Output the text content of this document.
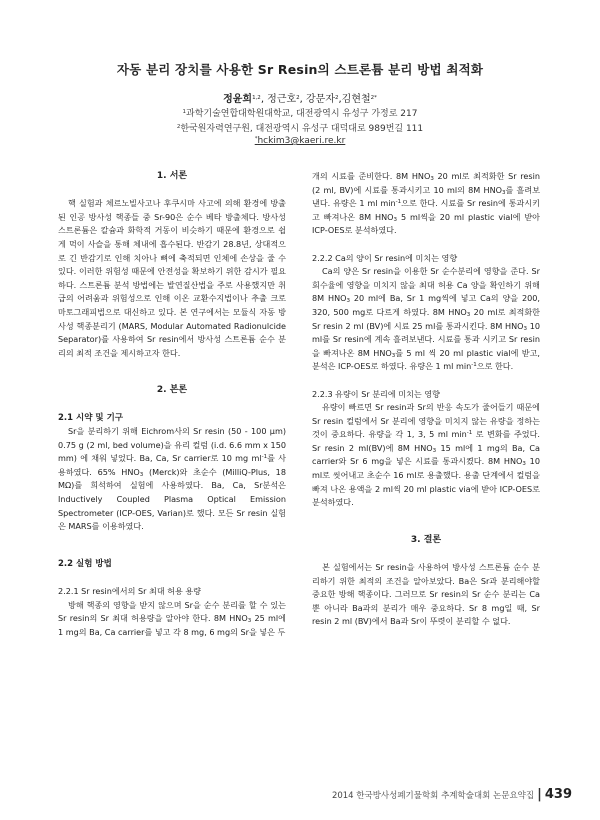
자동 분리 장치를 사용한 Sr Resin의 스트론튬 분리 방법 최적화
정윤희$^{1,2}$, 정근호$^2$, 강문자$^2$,김현철$^{2*}$
$^1$과학기술연합대학원대학교, 대전광역시 유성구 가정로 217
$^2$한국원자력연구원, 대전광역시 유성구 대덕대로 989번길 111
*hckim3@kaeri.re.kr
1. 서론

핵 실험과 체르노빌사고나 후쿠시마 사고에 의해 환경에 방출된 인공 방사성 핵종들 중 Sr-90은 순수 베타 방출체다. 방사성 스트론튬은 칼슘과 화학적 거동이 비슷하기 때문에 환경으로 쉽게 먹이 사슬을 통해 체내에 흡수된다. 반감기 28.8년, 상대적으로 긴 반감기로 인해 치아나 뼈에 축적되면 인체에 손상을 줄 수 있다. 이러한 위험성 때문에 안전성을 확보하기 위한 감시가 필요하다. 스트론튬 분석 방법에는 발연질산법을 주로 사용했지만 취급의 어려움과 위험성으로 인해 이온 교환수지법이나 추출 크로마토그래피법으로 대신하고 있다. 본 연구에서는 모듈식 자동 방사성 핵종분리기 (MARS, Modular Automated Radionulcide Separator)를 사용하여 Sr resin에서 방사성 스트론튬 순수 분리의 최적 조건을 제시하고자 한다.

2. 본론
2.1 시약 및 기구

Sr을 분리하기 위해 Eichrom사의 Sr resin (50 - 100 μm) 0.75 g (2 ml, bed volume)을 유리 컬럼 (i.d. 6.6 mm x 150 mm) 에 채워 넣었다. Ba, Ca, Sr carrier로 10 mg $ml^{-1}$를 사용하였다. 65% $HNO_3$ (Merck)와 초순수 (MilliQ-Plus, 18 MΩ)를 희석하여 실험에 사용하였다. Ba, Ca, Sr분석은 Inductively Coupled Plasma Optical Emission Spectrometer (ICP-OES, Varian)로 했다. 모든 Sr resin 실험은 MARS를 이용하였다.

2.2 실험 방법
2.2.1 Sr resin에서의 Sr 최대 허용 용량

방해 핵종의 영향을 받지 않으며 Sr을 순수 분리를 할 수 있는 Sr resin의 Sr 최대 허용량을 알아야 한다. 8M $HNO_3$ 25 ml에 1 mg의 Ba, Ca carrier를 넣고 각 8 mg, 6 mg의 Sr을 넣은 두

개의 시료를 준비한다. 8M $HNO_3$ 20 ml로 최적화한 Sr resin (2 ml, BV)에 시료를 통과시키고 10 ml의 8M $HNO_3$를 흘려보낸다. 유량은 1 ml $\min^{-1}$으로 한다. 시료를 Sr resin에 통과시키고 빠져나온 8M $HNO_3$ 5 ml씩을 20 ml plastic vial에 받아 ICP-OES로 분석하였다.

2.2.2 Ca의 양이 Sr resin에 미치는 영향

Ca의 양은 Sr resin을 이용한 Sr 순수분리에 영향을 준다. Sr 회수율에 영향을 미치지 않을 최대 허용 Ca 양을 확인하기 위해 8M $HNO_3$ 20 ml에 Ba, Sr 1 mg씩에 넣고 Ca의 양을 200, 320, 500 mg로 다르게 하였다. 8M $HNO_3$ 20 ml로 최적화한 Sr resin 2 ml (BV)에 시료 25 ml를 통과시킨다. 8M $HNO_3$ 10 ml를 Sr resin에 계속 흘려보낸다. 시료를 통과 시키고 Sr resin 을 빠져나온 8M $HNO_3$를 5 ml 씩 20 ml plastic vial에 받고, 분석은 ICP-OES로 하였다. 유량은 1 ml $\min^{-1}$으로 한다.

2.2.3 유량이 Sr 분리에 미치는 영향

유량이 빠르면 Sr resin과 Sr의 반응 속도가 줄어들기 때문에 Sr resin 컬럼에서 Sr 분리에 영향을 미치지 않는 유량을 정하는 것이 중요하다. 유량을 각 1, 3, 5 ml $\min^{-1}$ 로 변화를 주었다. Sr resin 2 ml(BV)에 8M $HNO_3$ 15 ml에 1 mg의 Ba, Ca carrier와 Sr 6 mg을 넣은 시료를 통과시켰다. 8M $HNO_3$ 10 ml로 씻어내고 초순수 16 ml로 용출했다. 용출 단계에서 컬럼을 빠져 나온 용액을 2 ml씩 20 ml plastic via에 받아 ICP-OES로 분석하였다.

3. 결론

본 실험에서는 Sr resin을 사용하여 방사성 스트론튬 순수 분리하기 위한 최적의 조건을 알아보았다. Ba은 Sr과 분리해야할 중요한 방해 핵종이다. 그러므로 Sr resin의 Sr 순수 분리는 Ca 뿐 아니라 Ba과의 분리가 매우 중요하다. Sr 8 mg일 때, Sr resin 2 ml (BV)에서 Ba과 Sr이 뚜렷이 분리할 수 없다.

2014 한국방사성폐기물학회 추계학술대회 논문요약집 | 439
